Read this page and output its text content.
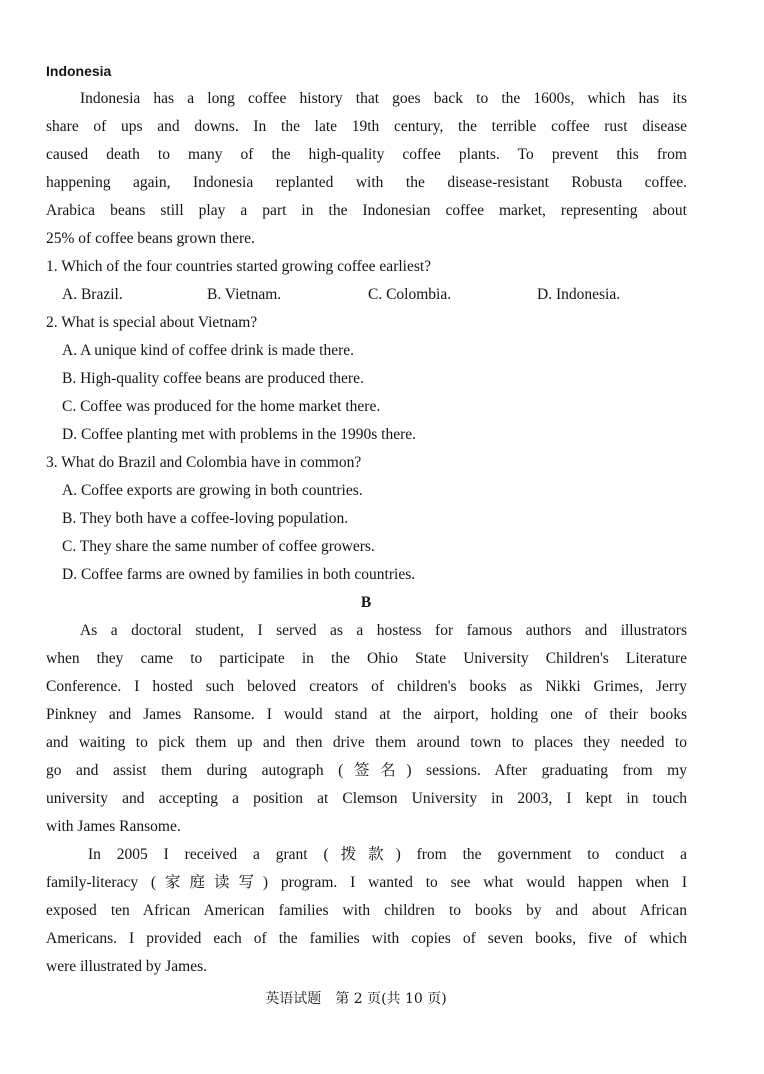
Indonesia
Indonesia has a long coffee history that goes back to the 1600s, which has its
share of ups and downs. In the late 19th century, the terrible coffee rust disease
caused death to many of the high-quality coffee plants. To prevent this from
happening again, Indonesia replanted with the disease-resistant Robusta coffee.
Arabica beans still play a part in the Indonesian coffee market, representing about
25% of coffee beans grown there.
1. Which of the four countries started growing coffee earliest?
A. Brazil.	B. Vietnam.	C. Colombia.	D. Indonesia.
2. What is special about Vietnam?
A. A unique kind of coffee drink is made there.
B. High-quality coffee beans are produced there.
C. Coffee was produced for the home market there.
D. Coffee planting met with problems in the 1990s there.
3. What do Brazil and Colombia have in common?
A. Coffee exports are growing in both countries.
B. They both have a coffee-loving population.
C. They share the same number of coffee growers.
D. Coffee farms are owned by families in both countries.
B
As a doctoral student, I served as a hostess for famous authors and illustrators
when they came to participate in the Ohio State University Children's Literature
Conference. I hosted such beloved creators of children's books as Nikki Grimes, Jerry
Pinkney and James Ransome. I would stand at the airport, holding one of their books
and waiting to pick them up and then drive them around town to places they needed to
go and assist them during autograph (签名) sessions. After graduating from my
university and accepting a position at Clemson University in 2003, I kept in touch
with James Ransome.
In 2005 I received a grant (拨款) from the government to conduct a
family-literacy (家庭读写) program. I wanted to see what would happen when I
exposed ten African American families with children to books by and about African
Americans. I provided each of the families with copies of seven books, five of which
were illustrated by James.
英语试题　第 2 页(共 10 页)
